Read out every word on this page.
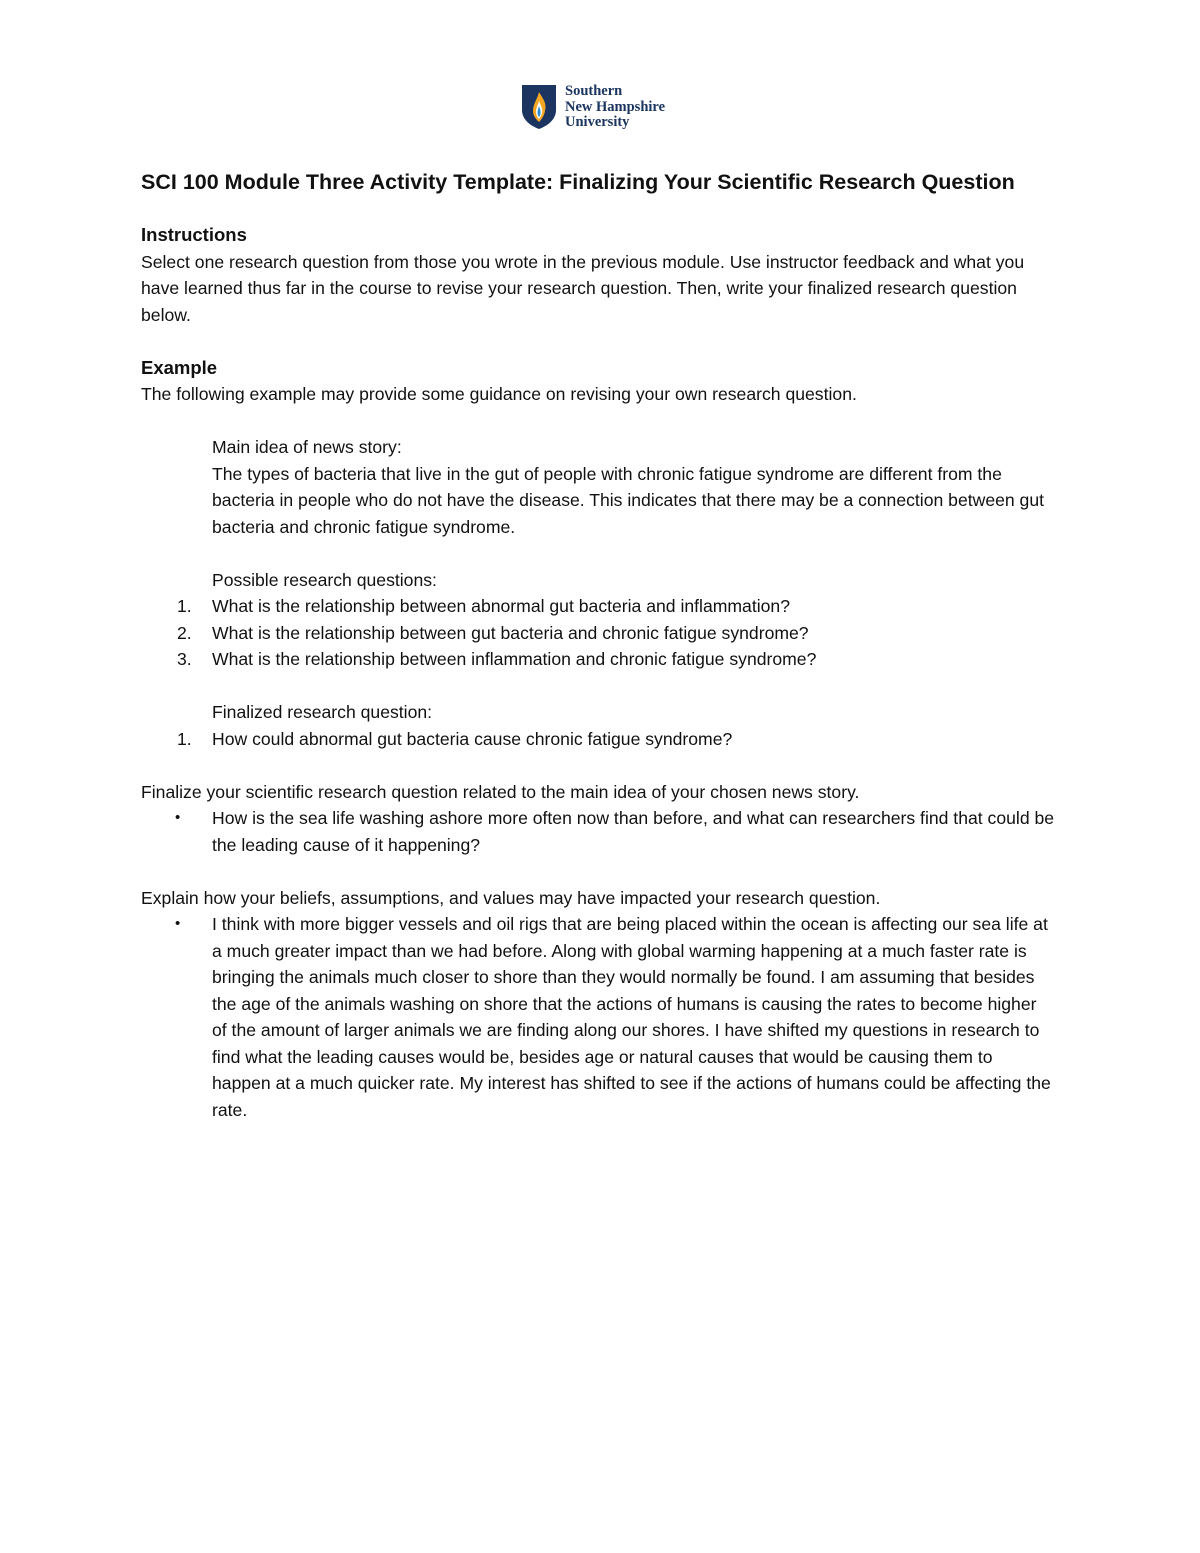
Southern
New Hampshire
University
SCI 100 Module Three Activity Template: Finalizing Your Scientific Research Question
Instructions

Select one research question from those you wrote in the previous module. Use instructor feedback and what you have learned thus far in the course to revise your research question. Then, write your finalized research question below.

Example

The following example may provide some guidance on revising your own research question.

Main idea of news story:

The types of bacteria that live in the gut of people with chronic fatigue syndrome are different from the bacteria in people who do not have the disease. This indicates that there may be a connection between gut bacteria and chronic fatigue syndrome.

Possible research questions:

1. What is the relationship between abnormal gut bacteria and inflammation?
2. What is the relationship between gut bacteria and chronic fatigue syndrome?
3. What is the relationship between inflammation and chronic fatigue syndrome?

Finalized research question:

1. How could abnormal gut bacteria cause chronic fatigue syndrome?

Finalize your scientific research question related to the main idea of your chosen news story.

• How is the sea life washing ashore more often now than before, and what can researchers find that could be the leading cause of it happening?

Explain how your beliefs, assumptions, and values may have impacted your research question.

• I think with more bigger vessels and oil rigs that are being placed within the ocean is affecting our sea life at a much greater impact than we had before. Along with global warming happening at a much faster rate is bringing the animals much closer to shore than they would normally be found. I am assuming that besides the age of the animals washing on shore that the actions of humans is causing the rates to become higher of the amount of larger animals we are finding along our shores. I have shifted my questions in research to find what the leading causes would be, besides age or natural causes that would be causing them to happen at a much quicker rate. My interest has shifted to see if the actions of humans could be affecting the rate.
